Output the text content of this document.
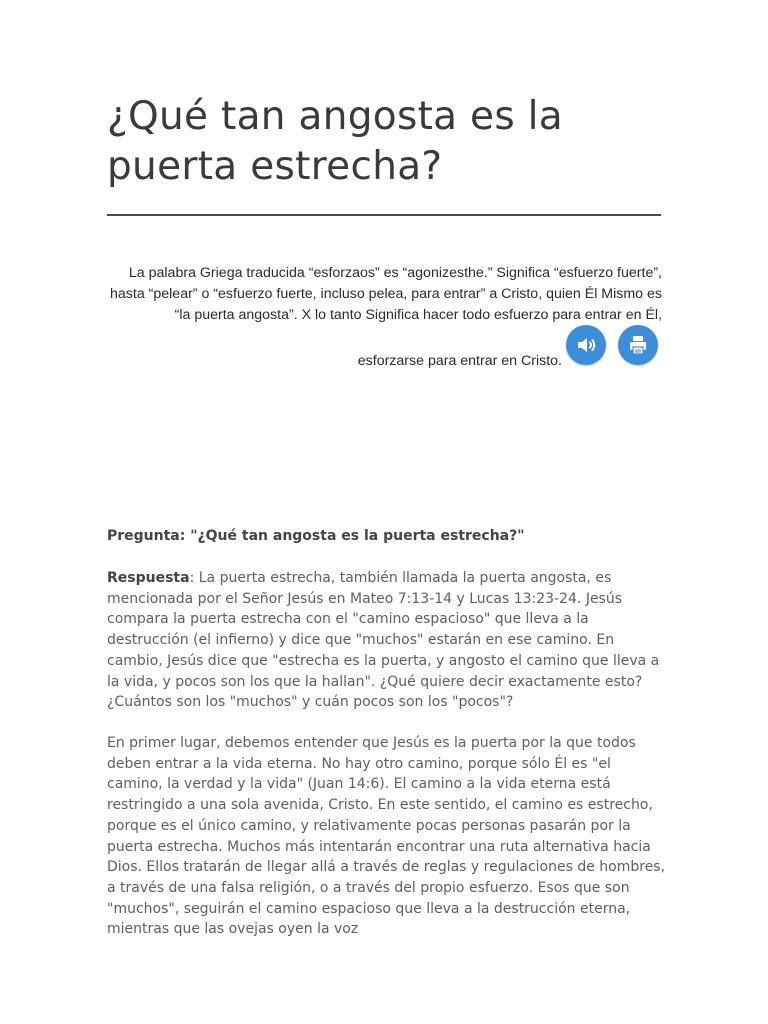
¿Qué tan angosta es la puerta estrecha?
La palabra Griega traducida “esforzaos” es “agonizesthe.” Significa “esfuerzo fuerte”, hasta “pelear” o “esfuerzo fuerte, incluso pelea, para entrar” a Cristo, quien Él Mismo es “la puerta angosta”. X lo tanto Significa hacer todo esfuerzo para entrar en Él,
esforzarse para entrar en Cristo.

Pregunta: "¿Qué tan angosta es la puerta estrecha?"

Respuesta: La puerta estrecha, también llamada la puerta angosta, es mencionada por el Señor Jesús en Mateo 7:13-14 y Lucas 13:23-24. Jesús compara la puerta estrecha con el "camino espacioso" que lleva a la destrucción (el infierno) y dice que "muchos" estarán en ese camino. En cambio, Jesús dice que "estrecha es la puerta, y angosto el camino que lleva a la vida, y pocos son los que la hallan". ¿Qué quiere decir exactamente esto? ¿Cuántos son los "muchos" y cuán pocos son los "pocos"?

En primer lugar, debemos entender que Jesús es la puerta por la que todos deben entrar a la vida eterna. No hay otro camino, porque sólo Él es "el camino, la verdad y la vida" (Juan 14:6). El camino a la vida eterna está restringido a una sola avenida, Cristo. En este sentido, el camino es estrecho, porque es el único camino, y relativamente pocas personas pasarán por la puerta estrecha. Muchos más intentarán encontrar una ruta alternativa hacia Dios. Ellos tratarán de llegar allá a través de reglas y regulaciones de hombres, a través de una falsa religión, o a través del propio esfuerzo. Esos que son "muchos", seguirán el camino espacioso que lleva a la destrucción eterna, mientras que las ovejas oyen la voz
